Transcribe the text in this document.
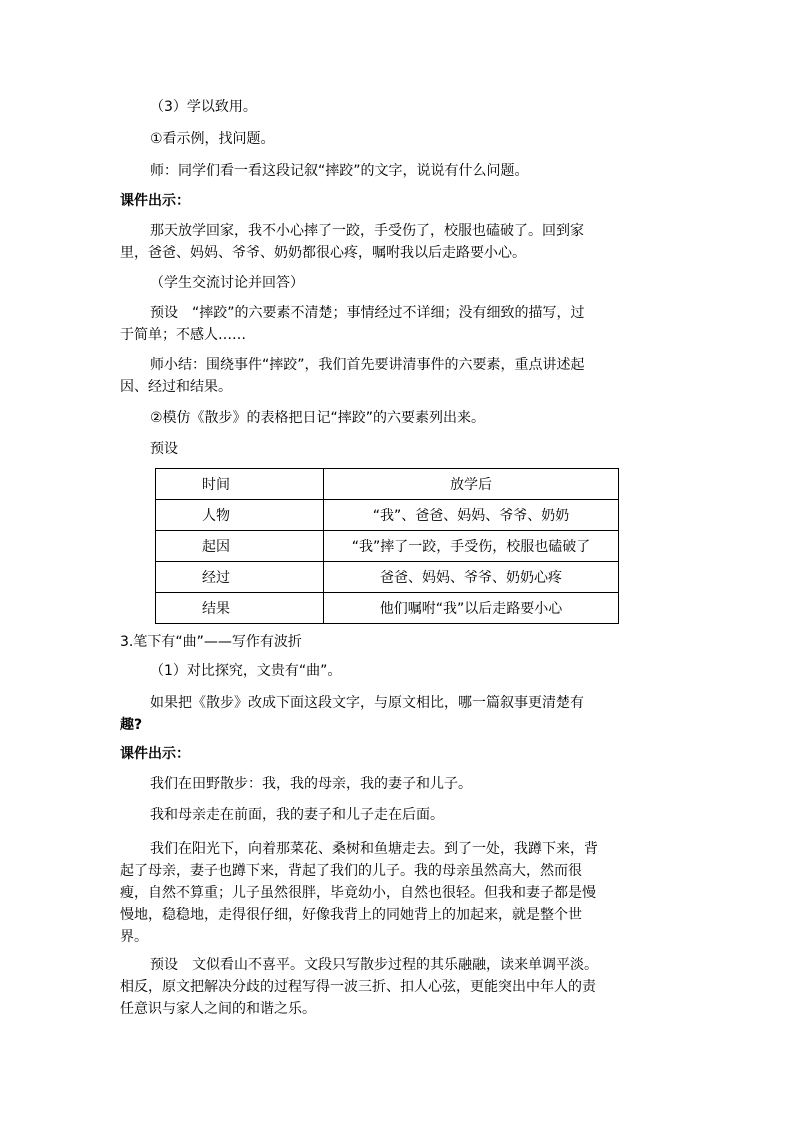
（3）学以致用。
①看示例，找问题。
师：同学们看一看这段记叙“摔跤”的文字，说说有什么问题。
课件出示：
那天放学回家，我不小心摔了一跤，手受伤了，校服也磕破了。回到家
里，爸爸、妈妈、爷爷、奶奶都很心疼，嘱咐我以后走路要小心。
（学生交流讨论并回答）
预设　“摔跤”的六要素不清楚；事情经过不详细；没有细致的描写，过
于简单；不感人……
师小结：围绕事件“摔跤”，我们首先要讲清事件的六要素，重点讲述起
因、经过和结果。
②模仿《散步》的表格把日记“摔跤”的六要素列出来。
预设
时间	放学后
人物	“我”、爸爸、妈妈、爷爷、奶奶
起因	“我”摔了一跤，手受伤，校服也磕破了
经过	爸爸、妈妈、爷爷、奶奶心疼
结果	他们嘱咐“我”以后走路要小心
3.笔下有“曲”——写作有波折
（1）对比探究，文贵有“曲”。
如果把《散步》改成下面这段文字，与原文相比，哪一篇叙事更清楚有
趣?
课件出示：
我们在田野散步：我，我的母亲，我的妻子和儿子。
我和母亲走在前面，我的妻子和儿子走在后面。
我们在阳光下，向着那菜花、桑树和鱼塘走去。到了一处，我蹲下来，背
起了母亲，妻子也蹲下来，背起了我们的儿子。我的母亲虽然高大，然而很
瘦，自然不算重；儿子虽然很胖，毕竟幼小，自然也很轻。但我和妻子都是慢
慢地，稳稳地，走得很仔细，好像我背上的同她背上的加起来，就是整个世
界。
预设　文似看山不喜平。文段只写散步过程的其乐融融，读来单调平淡。
相反，原文把解决分歧的过程写得一波三折、扣人心弦，更能突出中年人的责
任意识与家人之间的和谐之乐。
